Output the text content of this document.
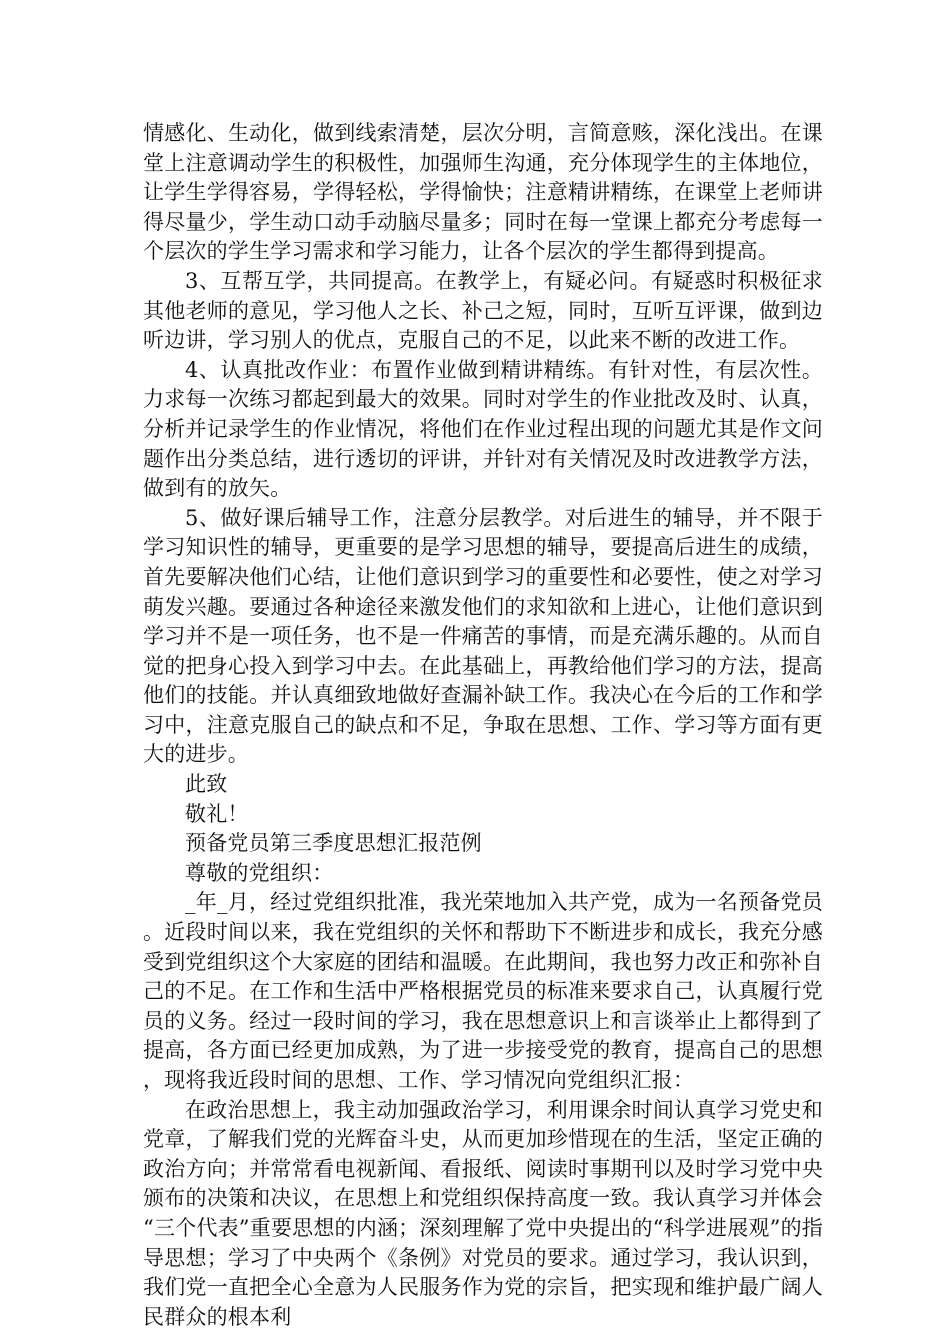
情感化、生动化，做到线索清楚，层次分明，言简意赅，深化浅出。在课堂上注意调动学生的积极性，加强师生沟通，充分体现学生的主体地位，让学生学得容易，学得轻松，学得愉快；注意精讲精练，在课堂上老师讲得尽量少，学生动口动手动脑尽量多；同时在每一堂课上都充分考虑每一个层次的学生学习需求和学习能力，让各个层次的学生都得到提高。

3、互帮互学，共同提高。在教学上，有疑必问。有疑惑时积极征求其他老师的意见，学习他人之长、补己之短，同时，互听互评课，做到边听边讲，学习别人的优点，克服自己的不足，以此来不断的改进工作。

4、认真批改作业：布置作业做到精讲精练。有针对性，有层次性。力求每一次练习都起到最大的效果。同时对学生的作业批改及时、认真，分析并记录学生的作业情况，将他们在作业过程出现的问题尤其是作文问题作出分类总结，进行透切的评讲，并针对有关情况及时改进教学方法，做到有的放矢。

5、做好课后辅导工作，注意分层教学。对后进生的辅导，并不限于学习知识性的辅导，更重要的是学习思想的辅导，要提高后进生的成绩，首先要解决他们心结，让他们意识到学习的重要性和必要性，使之对学习萌发兴趣。要通过各种途径来激发他们的求知欲和上进心，让他们意识到学习并不是一项任务，也不是一件痛苦的事情，而是充满乐趣的。从而自觉的把身心投入到学习中去。在此基础上，再教给他们学习的方法，提高他们的技能。并认真细致地做好查漏补缺工作。我决心在今后的工作和学习中，注意克服自己的缺点和不足，争取在思想、工作、学习等方面有更大的进步。

此致

敬礼！

预备党员第三季度思想汇报范例

尊敬的党组织：

_年_月，经过党组织批准，我光荣地加入共产党，成为一名预备党员。近段时间以来，我在党组织的关怀和帮助下不断进步和成长，我充分感受到党组织这个大家庭的团结和温暖。在此期间，我也努力改正和弥补自己的不足。在工作和生活中严格根据党员的标准来要求自己，认真履行党员的义务。经过一段时间的学习，我在思想意识上和言谈举止上都得到了提高，各方面已经更加成熟，为了进一步接受党的教育，提高自己的思想，现将我近段时间的思想、工作、学习情况向党组织汇报：

在政治思想上，我主动加强政治学习，利用课余时间认真学习党史和党章，了解我们党的光辉奋斗史，从而更加珍惜现在的生活，坚定正确的政治方向；并常常看电视新闻、看报纸、阅读时事期刊以及时学习党中央颁布的决策和决议，在思想上和党组织保持高度一致。我认真学习并体会“三个代表”重要思想的内涵；深刻理解了党中央提出的“科学进展观”的指导思想；学习了中央两个《条例》对党员的要求。通过学习，我认识到，我们党一直把全心全意为人民服务作为党的宗旨，把实现和维护最广阔人民群众的根本利
